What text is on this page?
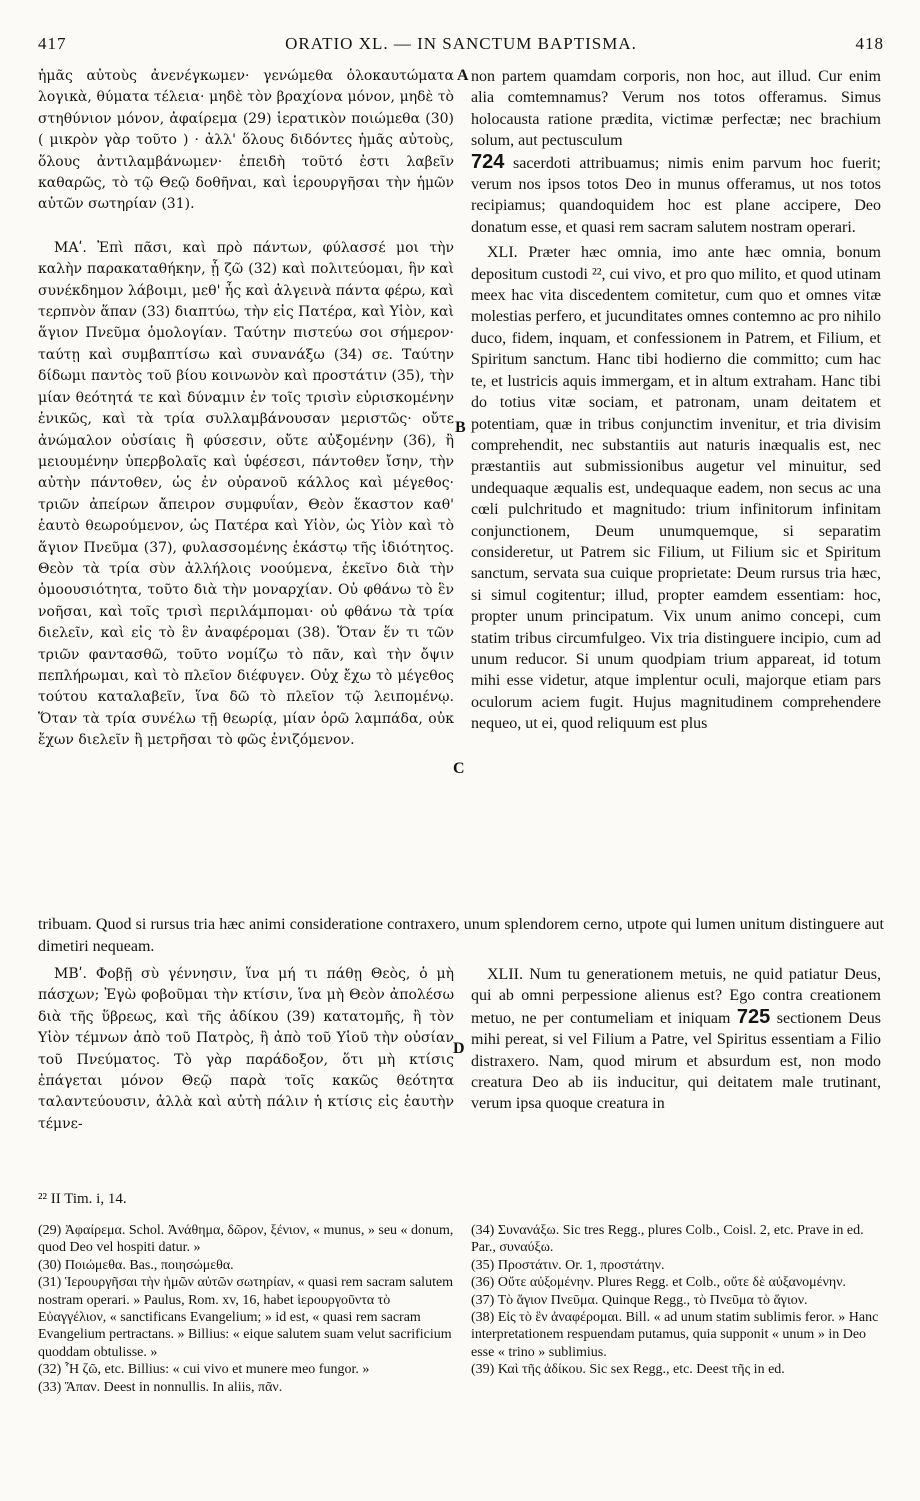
417	ORATIO XL. — IN SANCTUM BAPTISMA.	418

ἡμᾶς αὐτοὺς ἀνενέγκωμεν· γενώμεθα ὁλοκαυτώματα λογικὰ, θύματα τέλεια· μηδὲ τὸν βραχίονα μόνον, μηδὲ τὸ στηθύνιον μόνον, ἀφαίρεμα (29) ἱερατικὸν ποιώμεθα (30) ( μικρὸν γὰρ τοῦτο ) · ἀλλ' ὅλους διδόντες ἡμᾶς αὐτοὺς, ὅλους ἀντιλαμβάνωμεν· ἐπειδὴ τοῦτό ἐστι λαβεῖν καθαρῶς, τὸ τῷ Θεῷ δοθῆναι, καὶ ἱερουργῆσαι τὴν ἡμῶν αὐτῶν σωτηρίαν (31).

ΜΑʹ. Ἐπὶ πᾶσι, καὶ πρὸ πάντων, φύλασσέ μοι τὴν καλὴν παρακαταθήκην, ᾗ ζῶ (32) καὶ πολιτεύομαι, ἣν καὶ συνέκδημον λάβοιμι, μεθ' ἧς καὶ ἀλγεινὰ πάντα φέρω, καὶ τερπνὸν ἅπαν (33) διαπτύω, τὴν εἰς Πατέρα, καὶ Υἱὸν, καὶ ἅγιον Πνεῦμα ὁμολογίαν. Ταύτην πιστεύω σοι σήμερον· ταύτῃ καὶ συμβαπτίσω καὶ συνανάξω (34) σε. Ταύτην δίδωμι παντὸς τοῦ βίου κοινωνὸν καὶ προστάτιν (35), τὴν μίαν θεότητά τε καὶ δύναμιν ἐν τοῖς τρισὶν εὑρισκομένην ἑνικῶς, καὶ τὰ τρία συλλαμβάνουσαν μεριστῶς· οὔτε ἀνώμαλον οὐσίαις ἢ φύσεσιν, οὔτε αὐξομένην (36), ἢ μειουμένην ὑπερβολαῖς καὶ ὑφέσεσι, πάντοθεν ἴσην, τὴν αὐτὴν πάντοθεν, ὡς ἐν οὐρανοῦ κάλλος καὶ μέγεθος· τριῶν ἀπείρων ἄπειρον συμφυΐαν, Θεὸν ἕκαστον καθ' ἑαυτὸ θεωρούμενον, ὡς Πατέρα καὶ Υἱὸν, ὡς Υἱὸν καὶ τὸ ἅγιον Πνεῦμα (37), φυλασσομένης ἑκάστῳ τῆς ἰδιότητος. Θεὸν τὰ τρία σὺν ἀλλήλοις νοούμενα, ἐκεῖνο διὰ τὴν ὁμοουσιότητα, τοῦτο διὰ τὴν μοναρχίαν. Οὐ φθάνω τὸ ἓν νοῆσαι, καὶ τοῖς τρισὶ περιλάμπομαι· οὐ φθάνω τὰ τρία διελεῖν, καὶ εἰς τὸ ἓν ἀναφέρομαι (38). Ὅταν ἕν τι τῶν τριῶν φαντασθῶ, τοῦτο νομίζω τὸ πᾶν, καὶ τὴν ὄψιν πεπλήρωμαι, καὶ τὸ πλεῖον διέφυγεν. Οὐχ ἔχω τὸ μέγεθος τούτου καταλαβεῖν, ἵνα δῶ τὸ πλεῖον τῷ λειπομένῳ. Ὅταν τὰ τρία συνέλω τῇ θεωρίᾳ, μίαν ὁρῶ λαμπάδα, οὐκ ἔχων διελεῖν ἢ μετρῆσαι τὸ φῶς ἑνιζόμενον.

ΜΒʹ. Φοβῇ σὺ γέννησιν, ἵνα μή τι πάθῃ Θεὸς, ὁ μὴ πάσχων; Ἐγὼ φοβοῦμαι τὴν κτίσιν, ἵνα μὴ Θεὸν ἀπολέσω διὰ τῆς ὕβρεως, καὶ τῆς ἀδίκου (39) κατατομῆς, ἢ τὸν Υἱὸν τέμνων ἀπὸ τοῦ Πατρὸς, ἢ ἀπὸ τοῦ Υἱοῦ τὴν οὐσίαν τοῦ Πνεύματος. Τὸ γὰρ παράδοξον, ὅτι μὴ κτίσις ἐπάγεται μόνον Θεῷ παρὰ τοῖς κακῶς θεότητα ταλαντεύουσιν, ἀλλὰ καὶ αὐτὴ πάλιν ἡ κτίσις εἰς ἑαυτὴν τέμνε-

A
B
C
D

non partem quamdam corporis, non hoc, aut illud. Cur enim alia comtemnamus? Verum nos totos offeramus. Simus holocausta ratione prædita, victimæ perfectæ; nec brachium solum, aut pectusculum

724 sacerdoti attribuamus; nimis enim parvum hoc fuerit; verum nos ipsos totos Deo in munus offeramus, ut nos totos recipiamus; quandoquidem hoc est plane accipere, Deo donatum esse, et quasi rem sacram salutem nostram operari.

XLI. Præter hæc omnia, imo ante hæc omnia, bonum depositum custodi ²², cui vivo, et pro quo milito, et quod utinam meex hac vita discedentem comitetur, cum quo et omnes vitæ molestias perfero, et jucunditates omnes contemno ac pro nihilo duco, fidem, inquam, et confessionem in Patrem, et Filium, et Spiritum sanctum. Hanc tibi hodierno die committo; cum hac te, et lustricis aquis immergam, et in altum extraham. Hanc tibi do totius vitæ sociam, et patronam, unam deitatem et potentiam, quæ in tribus conjunctim invenitur, et tria divisim comprehendit, nec substantiis aut naturis inæqualis est, nec præstantiis aut submissionibus augetur vel minuitur, sed undequaque æqualis est, undequaque eadem, non secus ac una cœli pulchritudo et magnitudo: trium infinitorum infinitam conjunctionem, Deum unumquemque, si separatim consideretur, ut Patrem sic Filium, ut Filium sic et Spiritum sanctum, servata sua cuique proprietate: Deum rursus tria hæc, si simul cogitentur; illud, propter eamdem essentiam: hoc, propter unum principatum. Vix unum animo concepi, cum statim tribus circumfulgeo. Vix tria distinguere incipio, cum ad unum reducor. Si unum quodpiam trium appareat, id totum mihi esse videtur, atque implentur oculi, majorque etiam pars oculorum aciem fugit. Hujus magnitudinem comprehendere nequeo, ut ei, quod reliquum est plus

tribuam. Quod si rursus tria hæc animi consideratione contraxero, unum splendorem cerno, utpote qui lumen unitum distinguere aut dimetiri nequeam.

XLII. Num tu generationem metuis, ne quid patiatur Deus, qui ab omni perpessione alienus est? Ego contra creationem metuo, ne per contumeliam et iniquam 725 sectionem Deus mihi pereat, si vel Filium a Patre, vel Spiritus essentiam a Filio distraxero. Nam, quod mirum et absurdum est, non modo creatura Deo ab iis inducitur, qui deitatem male trutinant, verum ipsa quoque creatura in

²² II Tim. i, 14.

(29) Ἀφαίρεμα. Schol. Ἀνάθημα, δῶρον, ξένιον, « munus, » seu « donum, quod Deo vel hospiti datur. »

(30) Ποιώμεθα. Bas., ποιησώμεθα.

(31) Ἱερουργῆσαι τὴν ἡμῶν αὐτῶν σωτηρίαν, « quasi rem sacram salutem nostram operari. » Paulus, Rom. xv, 16, habet ἱερουργοῦντα τὸ Εὐαγγέλιον, « sanctificans Evangelium; » id est, « quasi rem sacram Evangelium pertractans. » Billius: « eique salutem suam velut sacrificium quoddam obtulisse. »

(32) Ἧ ζῶ, etc. Billius: « cui vivo et munere meo fungor. »

(33) Ἅπαν. Deest in nonnullis. In aliis, πᾶν.

(34) Συνανάξω. Sic tres Regg., plures Colb., Coisl. 2, etc. Prave in ed. Par., συναύξω.

(35) Προστάτιν. Or. 1, προστάτην.

(36) Οὔτε αὐξομένην. Plures Regg. et Colb., οὔτε δὲ αὐξανομένην.

(37) Τὸ ἅγιον Πνεῦμα. Quinque Regg., τὸ Πνεῦμα τὸ ἅγιον.

(38) Εἰς τὸ ἓν ἀναφέρομαι. Bill. « ad unum statim sublimis feror. » Hanc interpretationem respuendam putamus, quia supponit « unum » in Deo esse « trino » sublimius.

(39) Καὶ τῆς ἀδίκου. Sic sex Regg., etc. Deest τῆς in ed.
